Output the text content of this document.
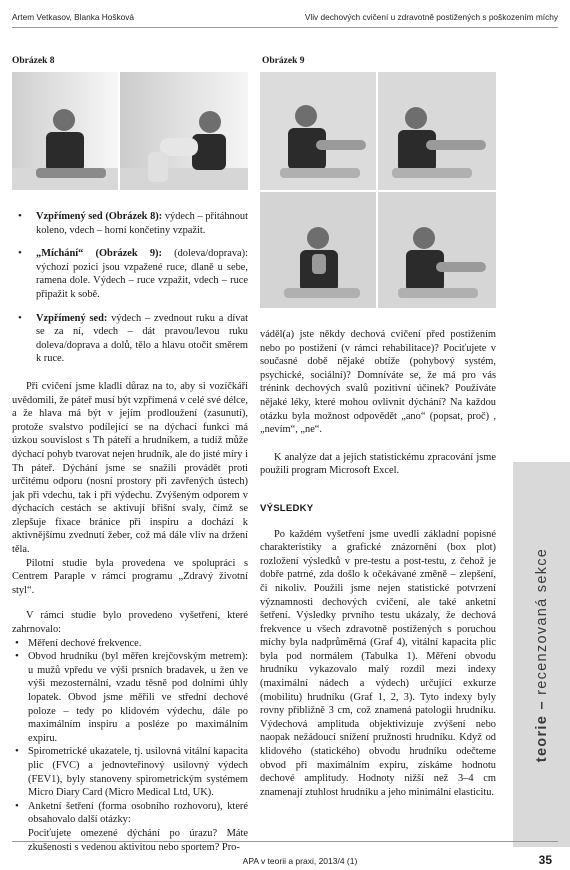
Artem Vetkasov, Blanka Hošková	Vliv dechových cvičení u zdravotně postižených s poškozením míchy
Obrázek 8	Obrázek 9
• Vzpřímený sed (Obrázek 8): výdech – přitáhnout koleno, vdech – horní končetiny vzpažit.
• „Míchání“ (Obrázek 9): (doleva/doprava): výchozí pozici jsou vzpažené ruce, dlaně u sebe, ramena dole. Výdech – ruce vzpažit, vdech – ruce připažit k sobě.
• Vzpřímený sed: výdech – zvednout ruku a dívat se za ní, vdech – dát pravou/levou ruku doleva/doprava a dolů, tělo a hlavu otočit směrem k ruce.

Při cvičení jsme kladli důraz na to, aby si vozíčkáři uvědomili, že páteř musí být vzpřímená v celé své délce, a že hlava má být v jejím prodloužení (zasunutí), protože svalstvo podílející se na dýchací funkci má úzkou souvislost s Th páteří a hrudníkem, a tudíž může dýchací pohyb tvarovat nejen hrudník, ale do jisté míry i Th páteř. Dýchání jsme se snažili provádět proti určitému odporu (nosní prostory při zavřených ústech) jak při vdechu, tak i při výdechu. Zvýšeným odporem v dýchacích cestách se aktivují břišní svaly, čímž se zlepšuje fixace bránice při inspiru a dochází k aktivnějšímu zvednutí žeber, což má dále vliv na držení těla.

Pilotní studie byla provedena ve spolupráci s Centrem Paraple v rámci programu „Zdravý životní styl“.

V rámci studie bylo provedeno vyšetření, které zahrnovalo:

• Měření dechové frekvence.
• Obvod hrudníku (byl měřen krejčovským metrem): u mužů vpředu ve výši prsních bradavek, u žen ve výši mezosternální, vzadu těsně pod dolními úhly lopatek. Obvod jsme měřili ve střední dechové poloze – tedy po klidovém výdechu, dále po maximálním inspiru a posléze po maximálním expiru.
• Spirometrické ukazatele, tj. usilovná vitální kapacita plic (FVC) a jednovteřinový usilovný výdech (FEV1), byly stanoveny spirometrickým systémem Micro Diary Card (Micro Medical Ltd, UK).
• Anketní šetření (forma osobního rozhovoru), které obsahovalo další otázky:

Pociťujete omezené dýchání po úrazu? Máte zkušenosti s vedenou aktivitou nebo sportem? Pro-

váděl(a) jste někdy dechová cvičení před postižením nebo po postižení (v rámci rehabilitace)? Pociťujete v současné době nějaké obtíže (pohybový systém, psychické, sociální)? Domníváte se, že má pro vás trénink dechových svalů pozitivní účinek? Používáte nějaké léky, které mohou ovlivnit dýchání? Na každou otázku byla možnost odpovědět „ano“ (popsat, proč) , „nevím“, „ne“.

K analýze dat a jejich statistickému zpracování jsme použili program Microsoft Excel.

VÝSLEDKY

Po každém vyšetření jsme uvedli základní popisné charakteristiky a grafické znázornění (box plot) rozložení výsledků v pre-testu a post-testu, z čehož je dobře patrné, zda došlo k očekávané změně – zlepšení, či nikoliv. Použili jsme nejen statistické potvrzení významnosti dechových cvičení, ale také anketní šetření. Výsledky prvního testu ukázaly, že dechová frekvence u všech zdravotně postižených s poruchou míchy byla nadprůměrná (Graf 4), vitální kapacita plic byla pod normálem (Tabulka 1). Měření obvodu hrudníku vykazovalo malý rozdíl mezi indexy (maximální nádech a výdech) určující exkurze (mobilitu) hrudníku (Graf 1, 2, 3). Tyto indexy byly rovny přibližně 3 cm, což znamená patologii hrudníku. Výdechová amplituda objektivizuje zvýšení nebo naopak nežádoucí snížení pružnosti hrudníku. Když od klidového (statického) obvodu hrudníku odečteme obvod při maximálním expiru, získáme hodnotu dechové amplitudy. Hodnoty nižší než 3–4 cm znamenají ztuhlost hrudníku a jeho minimální elasticitu.

teorie – recenzovaná sekce
APA v teorii a praxi, 2013/4 (1)	35
